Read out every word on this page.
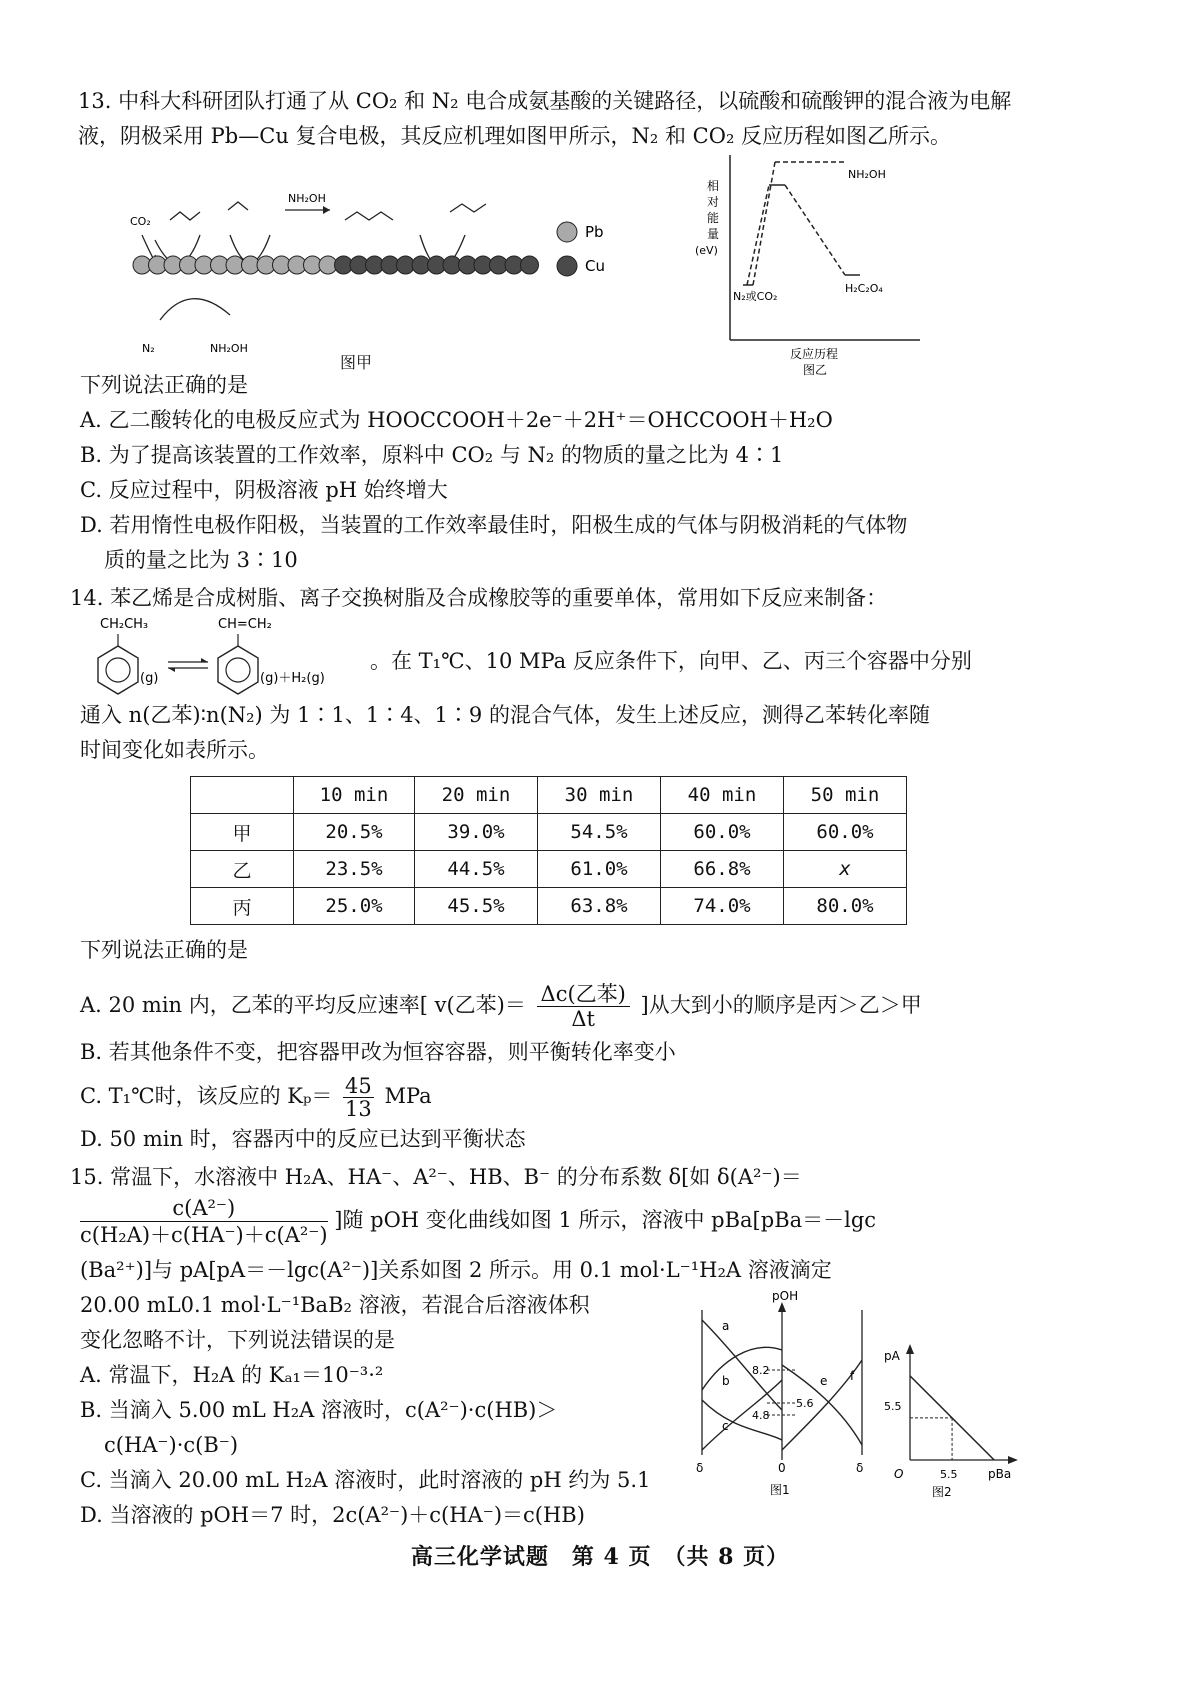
13. 中科大科研团队打通了从 CO₂ 和 N₂ 电合成氨基酸的关键路径，以硫酸和硫酸钾的混合液为电解
液，阴极采用 Pb—Cu 复合电极，其反应机理如图甲所示，N₂ 和 CO₂ 反应历程如图乙所示。
CO₂
NH₂OH
N₂	NH₂OH
Pb
Cu
图甲
相
对
能
量
(eV)
NH₂OH
N₂或CO₂
H₂C₂O₄
反应历程
图乙
下列说法正确的是
A. 乙二酸转化的电极反应式为 HOOCCOOH＋2e⁻＋2H⁺＝OHCCOOH＋H₂O
B. 为了提高该装置的工作效率，原料中 CO₂ 与 N₂ 的物质的量之比为 4∶1
C. 反应过程中，阴极溶液 pH 始终增大
D. 若用惰性电极作阳极，当装置的工作效率最佳时，阳极生成的气体与阴极消耗的气体物
质的量之比为 3∶10
14. 苯乙烯是合成树脂、离子交换树脂及合成橡胶等的重要单体，常用如下反应来制备：
CH₂CH₃
(g)
CH=CH₂
(g)＋H₂(g)
。在 T₁℃、10 MPa 反应条件下，向甲、乙、丙三个容器中分别
通入 n(乙苯)∶n(N₂) 为 1∶1、1∶4、1∶9 的混合气体，发生上述反应，测得乙苯转化率随
时间变化如表所示。
	10 min	20 min	30 min	40 min	50 min
甲	20.5%	39.0%	54.5%	60.0%	60.0%
乙	23.5%	44.5%	61.0%	66.8%	x
丙	25.0%	45.5%	63.8%	74.0%	80.0%
下列说法正确的是
A. 20 min 内，乙苯的平均反应速率[ v(乙苯)＝ Δc(乙苯)
Δt
]从大到小的顺序是丙＞乙＞甲
B. 若其他条件不变，把容器甲改为恒容容器，则平衡转化率变小
C. T₁℃时，该反应的 $K_p= \frac{45}{13}$ MPa
D. 50 min 时，容器丙中的反应已达到平衡状态
15. 常温下，水溶液中 H₂A、HA⁻、A²⁻、HB、B⁻ 的分布系数 δ[如 δ(A²⁻)＝
$\frac{\text{c(A²⁻)}}{\text{c(H₂A)＋c(HA⁻)＋c(A²⁻)}}$ ]随 pOH 变化曲线如图 1 所示，溶液中 pBa[pBa＝－lgc
(Ba²⁺)]与 pA[pA＝－lgc(A²⁻)]关系如图 2 所示。用 0.1 mol·L⁻¹H₂A 溶液滴定
20.00 mL0.1 mol·L⁻¹BaB₂ 溶液，若混合后溶液体积
变化忽略不计，下列说法错误的是
A. 常温下，H₂A 的 Kₐ₁＝10⁻³·²
B. 当滴入 5.00 mL H₂A 溶液时，c(A²⁻)·c(HB)＞
c(HA⁻)·c(B⁻)
C. 当滴入 20.00 mL H₂A 溶液时，此时溶液的 pH 约为 5.1
D. 当溶液的 pOH＝7 时，2c(A²⁻)＋c(HA⁻)＝c(HB)
pOH
a
b
c
e f
8.2
5.6
4.8
δ	0	δ
图1
pA
5.5
5.5
O	pBa
图2
高三化学试题　第 4 页　（共 8 页）
